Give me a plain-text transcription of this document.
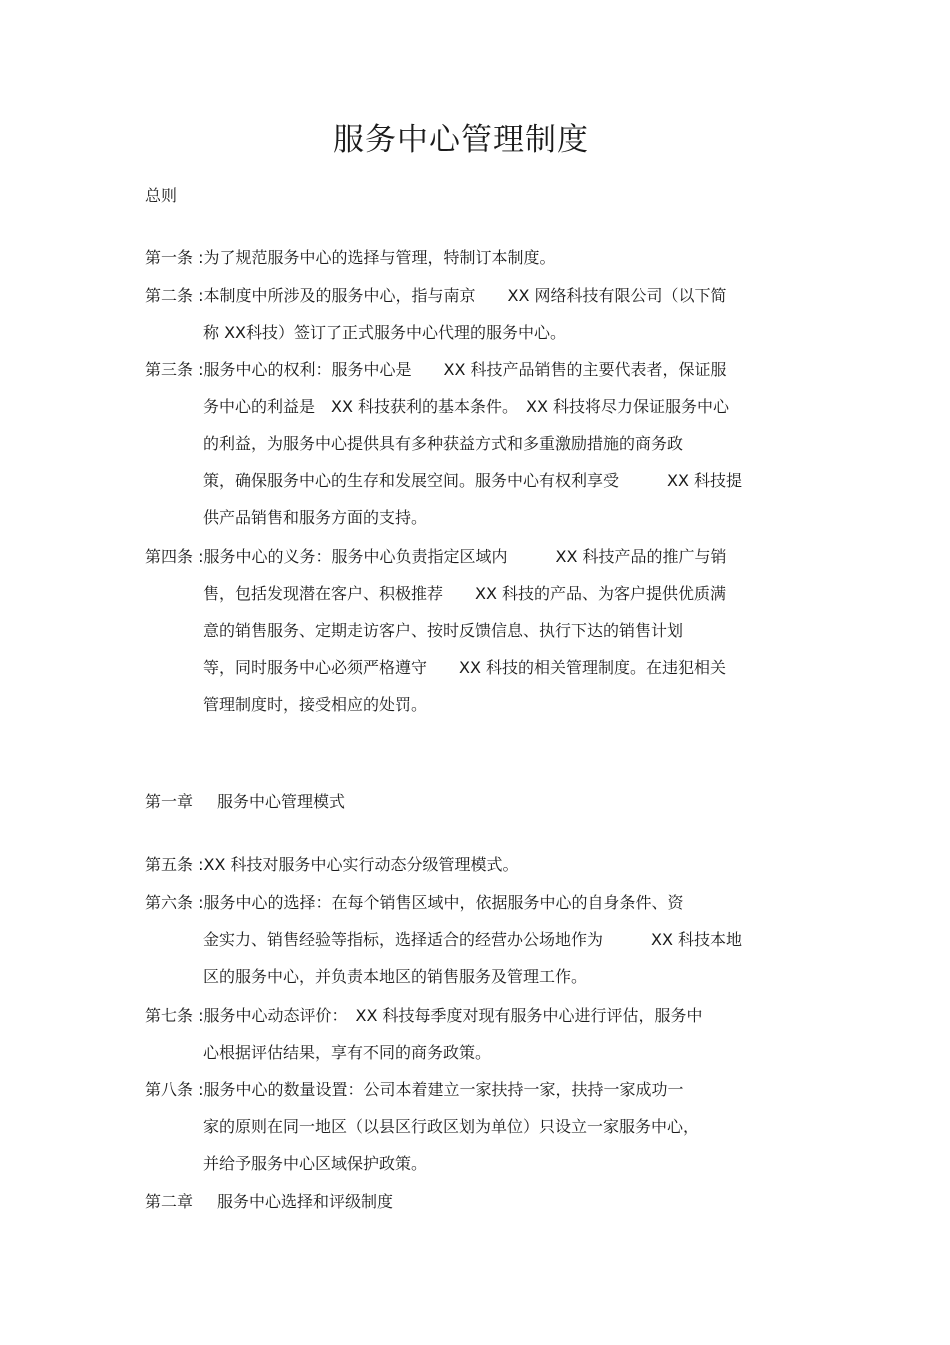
服务中心管理制度

总则

第一条 :为了规范服务中心的选择与管理，特制订本制度。
第二条 :本制度中所涉及的服务中心，指与南京　　XX 网络科技有限公司（以下简
称 XX科技）签订了正式服务中心代理的服务中心。
第三条 :服务中心的权利：服务中心是　　XX 科技产品销售的主要代表者，保证服
务中心的利益是　XX 科技获利的基本条件。　XX 科技将尽力保证服务中心
的利益，为服务中心提供具有多种获益方式和多重激励措施的商务政
策，确保服务中心的生存和发展空间。服务中心有权利享受　　　XX 科技提
供产品销售和服务方面的支持。
第四条 :服务中心的义务：服务中心负责指定区域内　　　XX 科技产品的推广与销
售，包括发现潜在客户、积极推荐　　XX 科技的产品、为客户提供优质满
意的销售服务、定期走访客户、按时反馈信息、执行下达的销售计划
等，同时服务中心必须严格遵守　　XX 科技的相关管理制度。在违犯相关
管理制度时，接受相应的处罚。

第一章 服务中心管理模式

第五条 :XX 科技对服务中心实行动态分级管理模式。
第六条 :服务中心的选择：在每个销售区域中，依据服务中心的自身条件、资
金实力、销售经验等指标，选择适合的经营办公场地作为　　　XX 科技本地
区的服务中心，并负责本地区的销售服务及管理工作。
第七条 :服务中心动态评价：　XX 科技每季度对现有服务中心进行评估，服务中
心根据评估结果，享有不同的商务政策。
第八条 :服务中心的数量设置：公司本着建立一家扶持一家，扶持一家成功一
家的原则在同一地区（以县区行政区划为单位）只设立一家服务中心，
并给予服务中心区域保护政策。

第二章 服务中心选择和评级制度
